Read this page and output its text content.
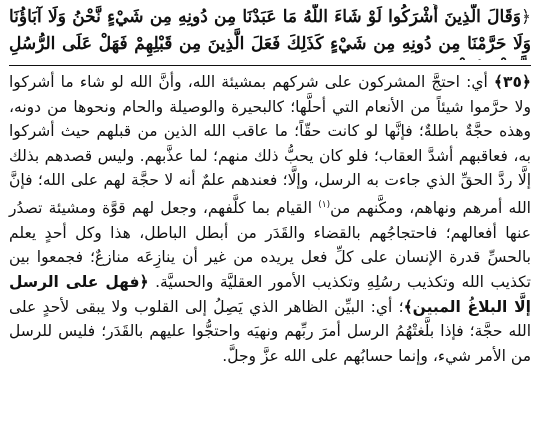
﴿وَقَالَ الَّذِينَ أَشْرَكُوا لَوْ شَاءَ اللَّهُ مَا عَبَدْنَا مِن دُونِهِ مِن شَيْءٍ نَّحْنُ وَلَا آبَاؤُنَا وَلَا حَرَّمْنَا مِن دُونِهِ مِن شَيْءٍ كَذَلِكَ فَعَلَ الَّذِينَ مِن قَبْلِهِمْ فَهَلْ عَلَى الرُّسُلِ
﴿٣٥﴾ أي: احتجَّ المشركون على شركهم بمشيئة الله، وأنَّ الله لو شاء ما أشركوا ولا حرَّموا شيئاً من الأنعام التي أحلَّها؛ كالبحيرة والوصيلة والحام ونحوها من دونه، وهذه حجَّةٌ باطلةٌ؛ فإنَّها لو كانت حقّاً؛ ما عاقب الله الذين من قبلهم حيث أشركوا به، فعاقبهم أشدَّ العقاب؛ فلو كان يحبُّ ذلك منهم؛ لما عذَّبهم. وليس قصدهم بذلك إلَّا ردَّ الحقِّ الذي جاءت به الرسل، وإلَّا؛ فعندهم علمٌ أنه لا حجَّة لهم على الله؛ فإنَّ الله أمرهم ونهاهم، ومكَّنهم من$^{(١)}$ القيام بما كلَّفهم، وجعل لهم قوَّة ومشيئة تصدُر عنها أفعالهم؛ فاحتجاجُهم بالقضاء والقَدَر من أبطل الباطل، هذا وكل أحدٍ يعلم بالحسِّ قدرة الإنسان على كلِّ فعل يريده من غير أن ينازِعَه منازعٌ؛ فجمعوا بين تكذيب الله وتكذيب رسُلِهِ وتكذيب الأمور العقليَّة والحسيَّة. ﴿فهل على الرسل إلَّا البلاغُ المبين﴾؛ أي: البيِّن الظاهر الذي يَصِلُ إلى القلوب ولا يبقى لأحدٍ على الله حجَّة؛ فإذا بلَّغتْهُمُ الرسل أمرَ ربِّهم ونهيَه واحتجُّوا عليهم بالقَدَر؛ فليس للرسل من الأمر شيء، وإنما حسابُهم على الله عزَّ وجلَّ.
